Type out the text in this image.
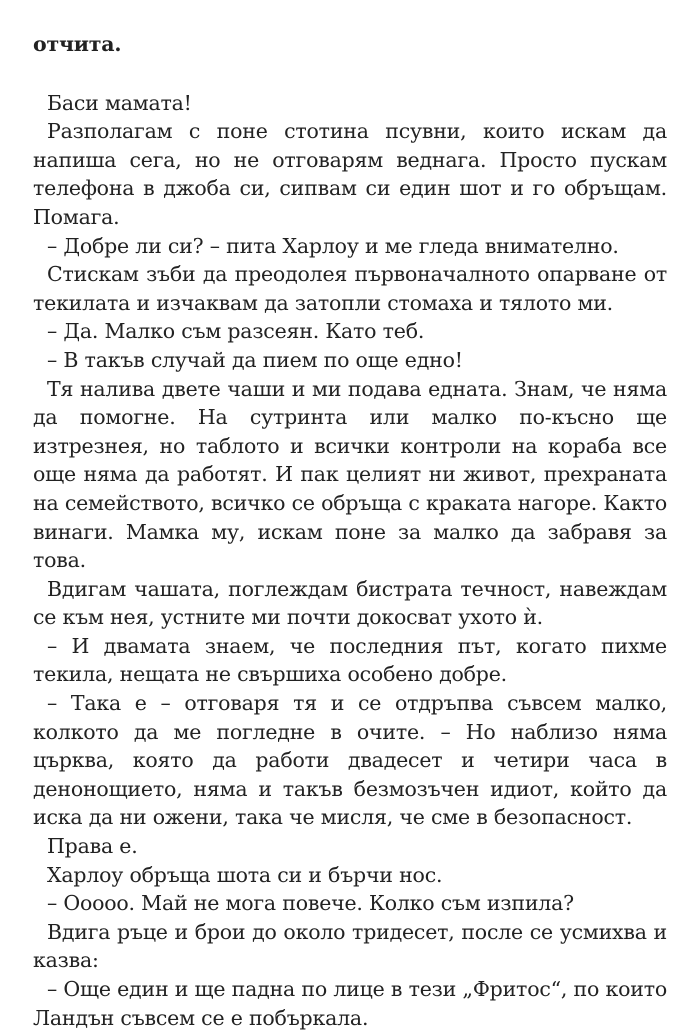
отчита.

Баси мамата!

Разполагам с поне стотина псувни, които искам да напиша сега, но не отговарям веднага. Просто пускам телефона в джоба си, сипвам си един шот и го обръщам. Помага.

– Добре ли си? – пита Харлоу и ме гледа внимателно.

Стискам зъби да преодолея първоначалното опарване от текилата и изчаквам да затопли стомаха и тялото ми.

– Да. Малко съм разсеян. Като теб.

– В такъв случай да пием по още едно!

Тя налива двете чаши и ми подава едната. Знам, че няма да помогне. На сутринта или малко по-късно ще изтрезнея, но таблото и всички контроли на кораба все още няма да работят. И пак целият ни живот, прехраната на семейството, всичко се обръща с краката нагоре. Както винаги. Мамка му, искам поне за малко да забравя за това.

Вдигам чашата, поглеждам бистрата течност, навеждам се към нея, устните ми почти докосват ухото ѝ.

– И двамата знаем, че последния път, когато пихме текила, нещата не свършиха особено добре.

– Така е – отговаря тя и се отдръпва съвсем малко, колкото да ме погледне в очите. – Но наблизо няма църква, която да работи двадесет и четири часа в денонощието, няма и такъв безмозъчен идиот, който да иска да ни ожени, така че мисля, че сме в безопасност.

Права е.

Харлоу обръща шота си и бърчи нос.

– Ооооо. Май не мога повече. Колко съм изпила?

Вдига ръце и брои до около тридесет, после се усмихва и казва:

– Още един и ще падна по лице в тези „Фритос“, по които Ландън съвсем се е побъркала.
